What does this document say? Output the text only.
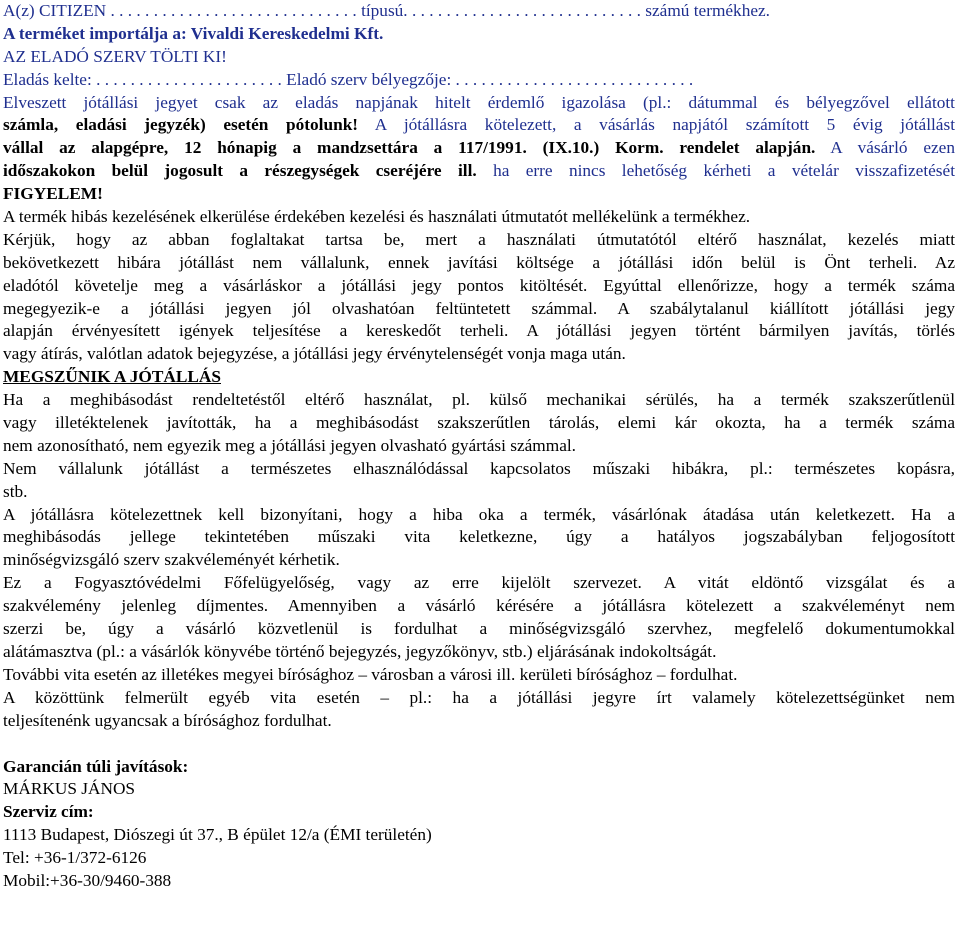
A(z) CITIZEN . . . . . . . . . . . . . . . . . . . . . . . . . . . . . típusú. . . . . . . . . . . . . . . . . . . . . . . . . . . . számú termékhez.
A terméket importálja a: Vivaldi Kereskedelmi Kft.
AZ ELADÓ SZERV TÖLTI KI!
Eladás kelte: . . . . . . . . . . . . . . . . . . . . . . Eladó szerv bélyegzője: . . . . . . . . . . . . . . . . . . . . . . . . . . . .
Elveszett jótállási jegyet csak az eladás napjának hitelt érdemlő igazolása (pl.: dátummal és bélyegzővel ellátott
számla, eladási jegyzék) esetén pótolunk! A jótállásra kötelezett, a vásárlás napjától számított 5 évig jótállást
vállal az alapgépre, 12 hónapig a mandzsettára a 117/1991. (IX.10.) Korm. rendelet alapján. A vásárló ezen
időszakokon belül jogosult a részegységek cseréjére ill. ha erre nincs lehetőség kérheti a vételár visszafizetését
FIGYELEM!
A termék hibás kezelésének elkerülése érdekében kezelési és használati útmutatót mellékelünk a termékhez.
Kérjük, hogy az abban foglaltakat tartsa be, mert a használati útmutatótól eltérő használat, kezelés miatt
bekövetkezett hibára jótállást nem vállalunk, ennek javítási költsége a jótállási időn belül is Önt terheli. Az
eladótól követelje meg a vásárláskor a jótállási jegy pontos kitöltését. Egyúttal ellenőrizze, hogy a termék száma
megegyezik-e a jótállási jegyen jól olvashatóan feltüntetett számmal. A szabálytalanul kiállított jótállási jegy
alapján érvényesített igények teljesítése a kereskedőt terheli. A jótállási jegyen történt bármilyen javítás, törlés
vagy átírás, valótlan adatok bejegyzése, a jótállási jegy érvénytelenségét vonja maga után.
MEGSZŰNIK A JÓTÁLLÁS
Ha a meghibásodást rendeltetéstől eltérő használat, pl. külső mechanikai sérülés, ha a termék szakszerűtlenül
vagy illetéktelenek javították, ha a meghibásodást szakszerűtlen tárolás, elemi kár okozta, ha a termék száma
nem azonosítható, nem egyezik meg a jótállási jegyen olvasható gyártási számmal.
Nem vállalunk jótállást a természetes elhasználódással kapcsolatos műszaki hibákra, pl.: természetes kopásra,
stb.
A jótállásra kötelezettnek kell bizonyítani, hogy a hiba oka a termék, vásárlónak átadása után keletkezett. Ha a
meghibásodás jellege tekintetében műszaki vita keletkezne, úgy a hatályos jogszabályban feljogosított
minőségvizsgáló szerv szakvéleményét kérhetik.
Ez a Fogyasztóvédelmi Főfelügyelőség, vagy az erre kijelölt szervezet. A vitát eldöntő vizsgálat és a
szakvélemény jelenleg díjmentes. Amennyiben a vásárló kérésére a jótállásra kötelezett a szakvéleményt nem
szerzi be, úgy a vásárló közvetlenül is fordulhat a minőségvizsgáló szervhez, megfelelő dokumentumokkal
alátámasztva (pl.: a vásárlók könyvébe történő bejegyzés, jegyzőkönyv, stb.) eljárásának indokoltságát.
További vita esetén az illetékes megyei bírósághoz – városban a városi ill. kerületi bírósághoz – fordulhat.
A közöttünk felmerült egyéb vita esetén – pl.: ha a jótállási jegyre írt valamely kötelezettségünket nem
teljesítenénk ugyancsak a bírósághoz fordulhat.
Garancián túli javítások:
MÁRKUS JÁNOS
Szerviz cím:
1113 Budapest, Diószegi út 37., B épület 12/a (ÉMI területén)
Tel: +36-1/372-6126
Mobil:+36-30/9460-388
